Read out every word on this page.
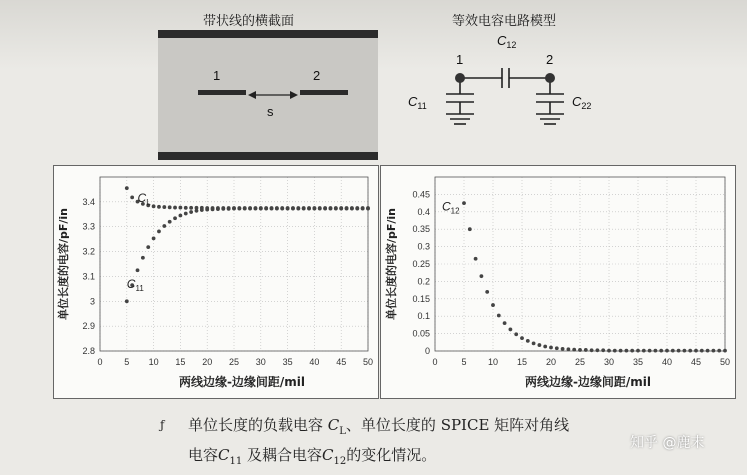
带状线的横截面
1	2
s
等效电容电路模型
1	2
$C_{12}$
$C_{11}$	$C_{22}$
0 5 10 15 20 25 30 35 40 45 50
2.8
2.9
3
3.1
3.2
3.3
3.4
两线边缘-边缘间距/mil
单位长度的电容/pF/in
$C_L$
$C_{11}$
0	5 10 15 20 25 30 35 40 45 50
0
0.05
0.1
0.15
0.2
0.25
0.3
0.35
0.4
0.45
两线边缘-边缘间距/mil
单位长度的电容/pF/in
$C_{12}$
ƒ 单位长度的负载电容 $C_L$、单位长度的 SPICE 矩阵对角线
电容$C_{11}$ 及耦合电容$C_{12}$的变化情况。
知乎 @鹿末
